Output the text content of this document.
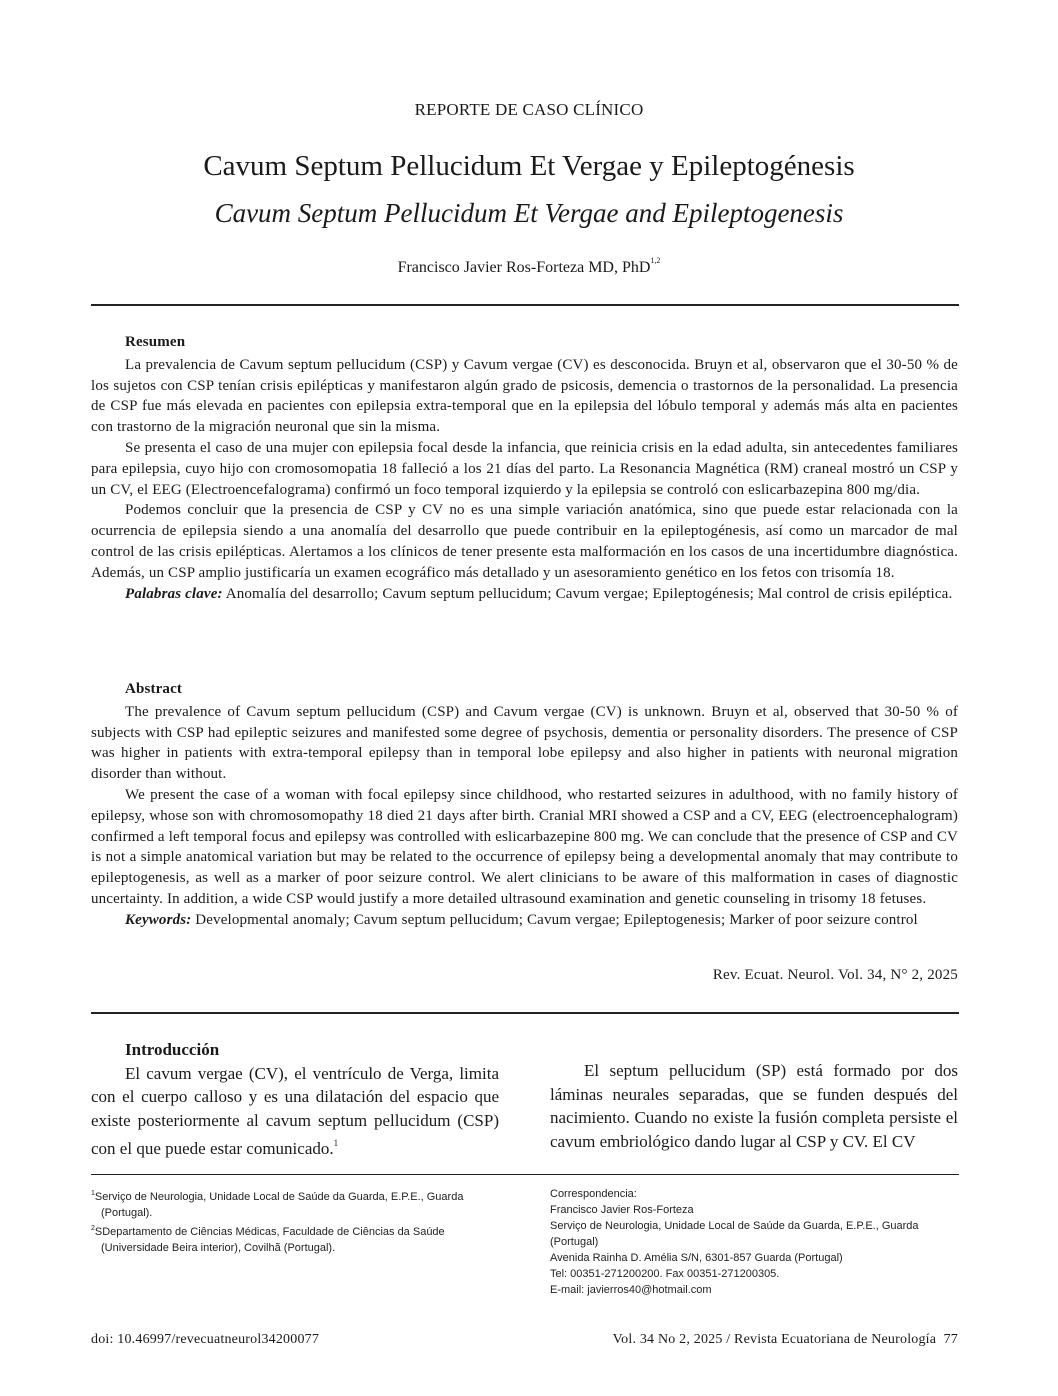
REPORTE DE CASO CLÍNICO
Cavum Septum Pellucidum Et Vergae y Epileptogénesis
Cavum Septum Pellucidum Et Vergae and Epileptogenesis
Francisco Javier Ros-Forteza MD, PhD$^{1,2}$
Resumen

La prevalencia de Cavum septum pellucidum (CSP) y Cavum vergae (CV) es desconocida. Bruyn et al, observaron que el 30-50 % de los sujetos con CSP tenían crisis epilépticas y manifestaron algún grado de psicosis, demencia o trastornos de la personalidad. La presencia de CSP fue más elevada en pacientes con epilepsia extra-temporal que en la epilepsia del lóbulo temporal y además más alta en pacientes con trastorno de la migración neuronal que sin la misma.

Se presenta el caso de una mujer con epilepsia focal desde la infancia, que reinicia crisis en la edad adulta, sin antecedentes familiares para epilepsia, cuyo hijo con cromosomopatia 18 falleció a los 21 días del parto. La Resonancia Magnética (RM) craneal mostró un CSP y un CV, el EEG (Electroencefalograma) confirmó un foco temporal izquierdo y la epilepsia se controló con eslicarbazepina 800 mg/dia.

Podemos concluir que la presencia de CSP y CV no es una simple variación anatómica, sino que puede estar relacionada con la ocurrencia de epilepsia siendo a una anomalía del desarrollo que puede contribuir en la epileptogénesis, así como un marcador de mal control de las crisis epilépticas. Alertamos a los clínicos de tener presente esta malformación en los casos de una incertidumbre diagnóstica. Además, un CSP amplio justificaría un examen ecográfico más detallado y un asesoramiento genético en los fetos con trisomía 18.

Palabras clave: Anomalía del desarrollo; Cavum septum pellucidum; Cavum vergae; Epileptogénesis; Mal control de crisis epiléptica.

Abstract

The prevalence of Cavum septum pellucidum (CSP) and Cavum vergae (CV) is unknown. Bruyn et al, observed that 30-50 % of subjects with CSP had epileptic seizures and manifested some degree of psychosis, dementia or personality disorders. The presence of CSP was higher in patients with extra-temporal epilepsy than in temporal lobe epilepsy and also higher in patients with neuronal migration disorder than without.

We present the case of a woman with focal epilepsy since childhood, who restarted seizures in adulthood, with no family history of epilepsy, whose son with chromosomopathy 18 died 21 days after birth. Cranial MRI showed a CSP and a CV, EEG (electroencephalogram) confirmed a left temporal focus and epilepsy was controlled with eslicarbazepine 800 mg. We can conclude that the presence of CSP and CV is not a simple anatomical variation but may be related to the occurrence of epilepsy being a developmental anomaly that may contribute to epileptogenesis, as well as a marker of poor seizure control. We alert clinicians to be aware of this malformation in cases of diagnostic uncertainty. In addition, a wide CSP would justify a more detailed ultrasound examination and genetic counseling in trisomy 18 fetuses.

Keywords: Developmental anomaly; Cavum septum pellucidum; Cavum vergae; Epileptogenesis; Marker of poor seizure control

Rev. Ecuat. Neurol. Vol. 34, N° 2, 2025
Introducción

El cavum vergae (CV), el ventrículo de Verga, limita con el cuerpo calloso y es una dilatación del espacio que existe posteriormente al cavum septum pellucidum (CSP) con el que puede estar comunicado.$^1$

El septum pellucidum (SP) está formado por dos láminas neurales separadas, que se funden después del nacimiento. Cuando no existe la fusión completa persiste el cavum embriológico dando lugar al CSP y CV. El CV

$^1$Serviço de Neurologia, Unidade Local de Saúde da Guarda, E.P.E., Guarda (Portugal).
$^2$SDepartamento de Ciências Médicas, Faculdade de Ciências da Saúde (Universidade Beira interior), Covilhã (Portugal).
Correspondencia:
Francisco Javier Ros-Forteza
Serviço de Neurologia, Unidade Local de Saúde da Guarda, E.P.E., Guarda (Portugal)
Avenida Rainha D. Amélia S/N, 6301-857 Guarda (Portugal)
Tel: 00351-271200200. Fax 00351-271200305.
E-mail: javierros40@hotmail.com
doi: 10.46997/revecuatneurol34200077	Vol. 34 No 2, 2025 / Revista Ecuatoriana de Neurología 77
